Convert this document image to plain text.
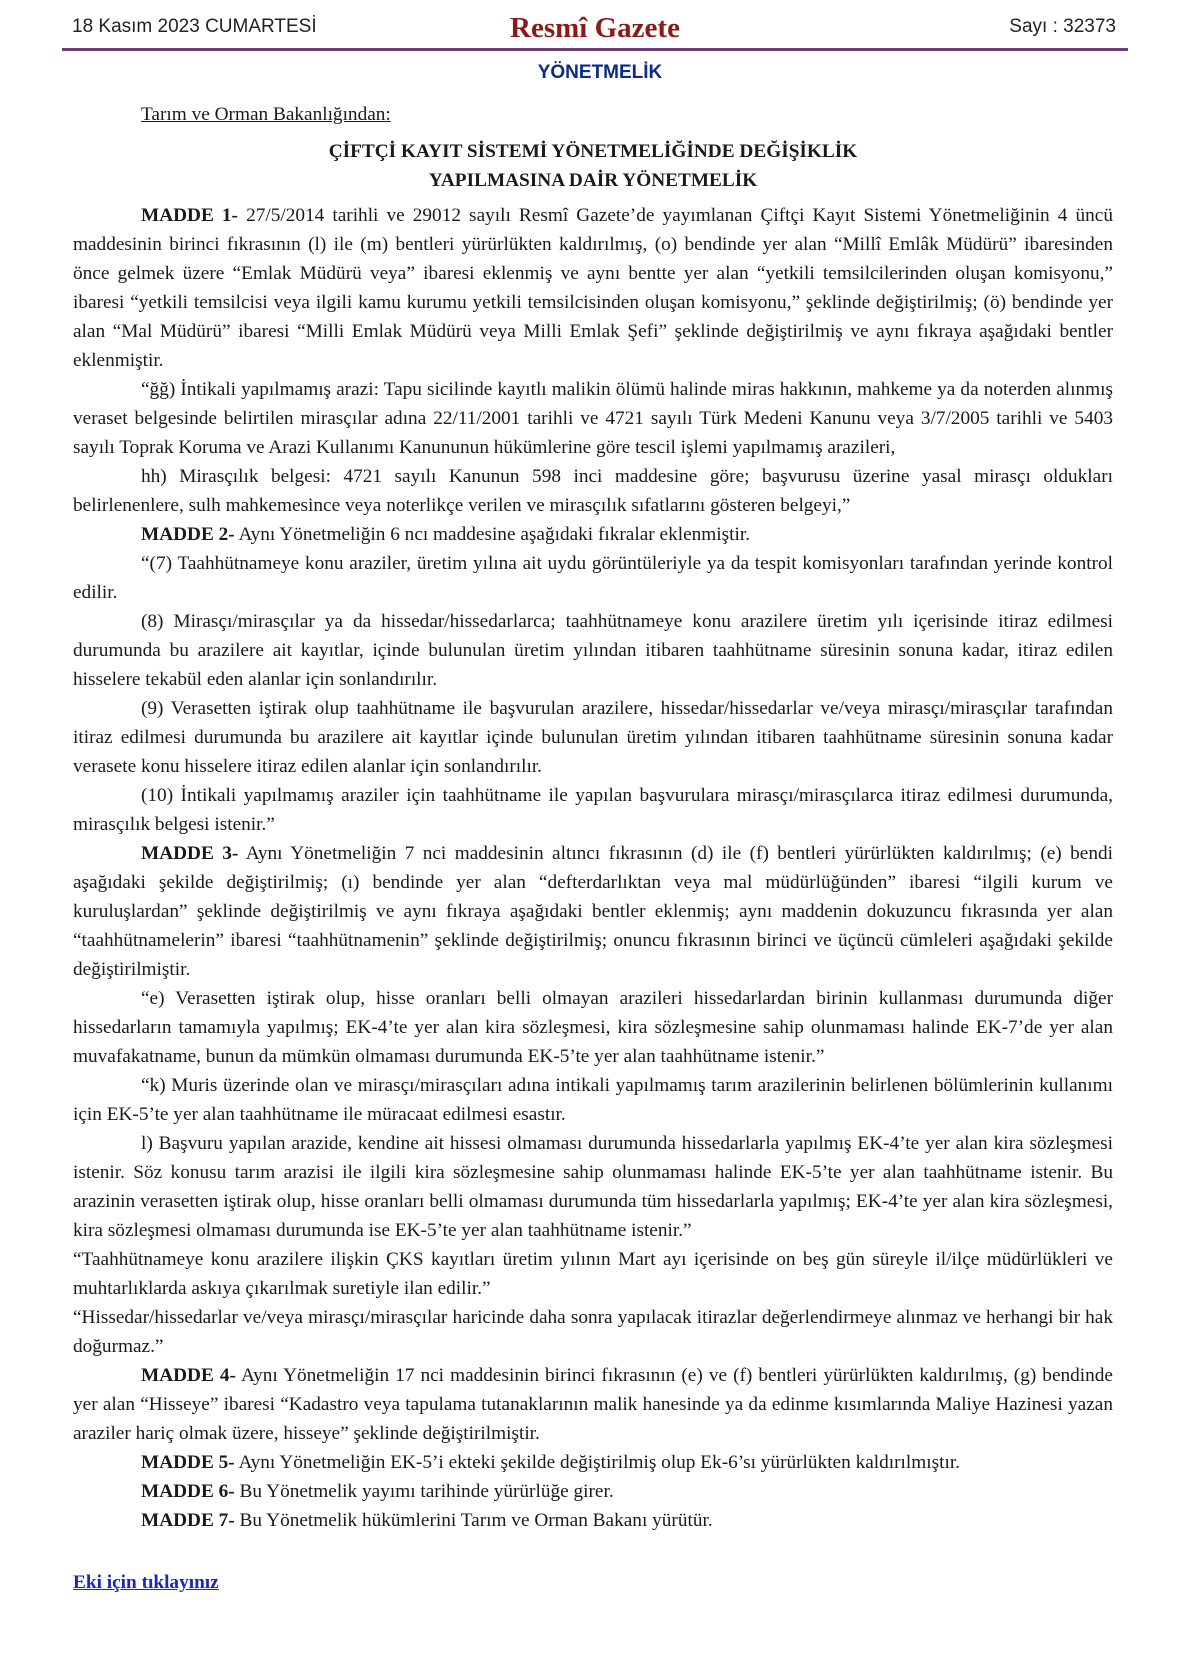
18 Kasım 2023 CUMARTESİ	Resmî Gazete	Sayı : 32373
YÖNETMELİK
Tarım ve Orman Bakanlığından:
ÇİFTÇİ KAYIT SİSTEMİ YÖNETMELİĞİNDE DEĞİŞİKLİK
YAPILMASINA DAİR YÖNETMELİK

MADDE 1- 27/5/2014 tarihli ve 29012 sayılı Resmî Gazete’de yayımlanan Çiftçi Kayıt Sistemi Yönetmeliğinin 4 üncü maddesinin birinci fıkrasının (l) ile (m) bentleri yürürlükten kaldırılmış, (o) bendinde yer alan “Millî Emlâk Müdürü” ibaresinden önce gelmek üzere “Emlak Müdürü veya” ibaresi eklenmiş ve aynı bentte yer alan “yetkili temsilcilerinden oluşan komisyonu,” ibaresi “yetkili temsilcisi veya ilgili kamu kurumu yetkili temsilcisinden oluşan komisyonu,” şeklinde değiştirilmiş; (ö) bendinde yer alan “Mal Müdürü” ibaresi “Milli Emlak Müdürü veya Milli Emlak Şefi” şeklinde değiştirilmiş ve aynı fıkraya aşağıdaki bentler eklenmiştir.

“ğğ) İntikali yapılmamış arazi: Tapu sicilinde kayıtlı malikin ölümü halinde miras hakkının, mahkeme ya da noterden alınmış veraset belgesinde belirtilen mirasçılar adına 22/11/2001 tarihli ve 4721 sayılı Türk Medeni Kanunu veya 3/7/2005 tarihli ve 5403 sayılı Toprak Koruma ve Arazi Kullanımı Kanununun hükümlerine göre tescil işlemi yapılmamış arazileri,

hh) Mirasçılık belgesi: 4721 sayılı Kanunun 598 inci maddesine göre; başvurusu üzerine yasal mirasçı oldukları belirlenenlere, sulh mahkemesince veya noterlikçe verilen ve mirasçılık sıfatlarını gösteren belgeyi,”

MADDE 2- Aynı Yönetmeliğin 6 ncı maddesine aşağıdaki fıkralar eklenmiştir.

“(7) Taahhütnameye konu araziler, üretim yılına ait uydu görüntüleriyle ya da tespit komisyonları tarafından yerinde kontrol edilir.

(8) Mirasçı/mirasçılar ya da hissedar/hissedarlarca; taahhütnameye konu arazilere üretim yılı içerisinde itiraz edilmesi durumunda bu arazilere ait kayıtlar, içinde bulunulan üretim yılından itibaren taahhütname süresinin sonuna kadar, itiraz edilen hisselere tekabül eden alanlar için sonlandırılır.

(9) Verasetten iştirak olup taahhütname ile başvurulan arazilere, hissedar/hissedarlar ve/veya mirasçı/mirasçılar tarafından itiraz edilmesi durumunda bu arazilere ait kayıtlar içinde bulunulan üretim yılından itibaren taahhütname süresinin sonuna kadar verasete konu hisselere itiraz edilen alanlar için sonlandırılır.

(10) İntikali yapılmamış araziler için taahhütname ile yapılan başvurulara mirasçı/mirasçılarca itiraz edilmesi durumunda, mirasçılık belgesi istenir.”

MADDE 3- Aynı Yönetmeliğin 7 nci maddesinin altıncı fıkrasının (d) ile (f) bentleri yürürlükten kaldırılmış; (e) bendi aşağıdaki şekilde değiştirilmiş; (ı) bendinde yer alan “defterdarlıktan veya mal müdürlüğünden” ibaresi “ilgili kurum ve kuruluşlardan” şeklinde değiştirilmiş ve aynı fıkraya aşağıdaki bentler eklenmiş; aynı maddenin dokuzuncu fıkrasında yer alan “taahhütnamelerin” ibaresi “taahhütnamenin” şeklinde değiştirilmiş; onuncu fıkrasının birinci ve üçüncü cümleleri aşağıdaki şekilde değiştirilmiştir.

“e) Verasetten iştirak olup, hisse oranları belli olmayan arazileri hissedarlardan birinin kullanması durumunda diğer hissedarların tamamıyla yapılmış; EK-4’te yer alan kira sözleşmesi, kira sözleşmesine sahip olunmaması halinde EK-7’de yer alan muvafakatname, bunun da mümkün olmaması durumunda EK-5’te yer alan taahhütname istenir.”

“k) Muris üzerinde olan ve mirasçı/mirasçıları adına intikali yapılmamış tarım arazilerinin belirlenen bölümlerinin kullanımı için EK-5’te yer alan taahhütname ile müracaat edilmesi esastır.

l) Başvuru yapılan arazide, kendine ait hissesi olmaması durumunda hissedarlarla yapılmış EK-4’te yer alan kira sözleşmesi istenir. Söz konusu tarım arazisi ile ilgili kira sözleşmesine sahip olunmaması halinde EK-5’te yer alan taahhütname istenir. Bu arazinin verasetten iştirak olup, hisse oranları belli olmaması durumunda tüm hissedarlarla yapılmış; EK-4’te yer alan kira sözleşmesi, kira sözleşmesi olmaması durumunda ise EK-5’te yer alan taahhütname istenir.”

“Taahhütnameye konu arazilere ilişkin ÇKS kayıtları üretim yılının Mart ayı içerisinde on beş gün süreyle il/ilçe müdürlükleri ve muhtarlıklarda askıya çıkarılmak suretiyle ilan edilir.”

“Hissedar/hissedarlar ve/veya mirasçı/mirasçılar haricinde daha sonra yapılacak itirazlar değerlendirmeye alınmaz ve herhangi bir hak doğurmaz.”

MADDE 4- Aynı Yönetmeliğin 17 nci maddesinin birinci fıkrasının (e) ve (f) bentleri yürürlükten kaldırılmış, (g) bendinde yer alan “Hisseye” ibaresi “Kadastro veya tapulama tutanaklarının malik hanesinde ya da edinme kısımlarında Maliye Hazinesi yazan araziler hariç olmak üzere, hisseye” şeklinde değiştirilmiştir.

MADDE 5- Aynı Yönetmeliğin EK-5’i ekteki şekilde değiştirilmiş olup Ek-6’sı yürürlükten kaldırılmıştır.

MADDE 6- Bu Yönetmelik yayımı tarihinde yürürlüğe girer.

MADDE 7- Bu Yönetmelik hükümlerini Tarım ve Orman Bakanı yürütür.

Eki için tıklayınız
